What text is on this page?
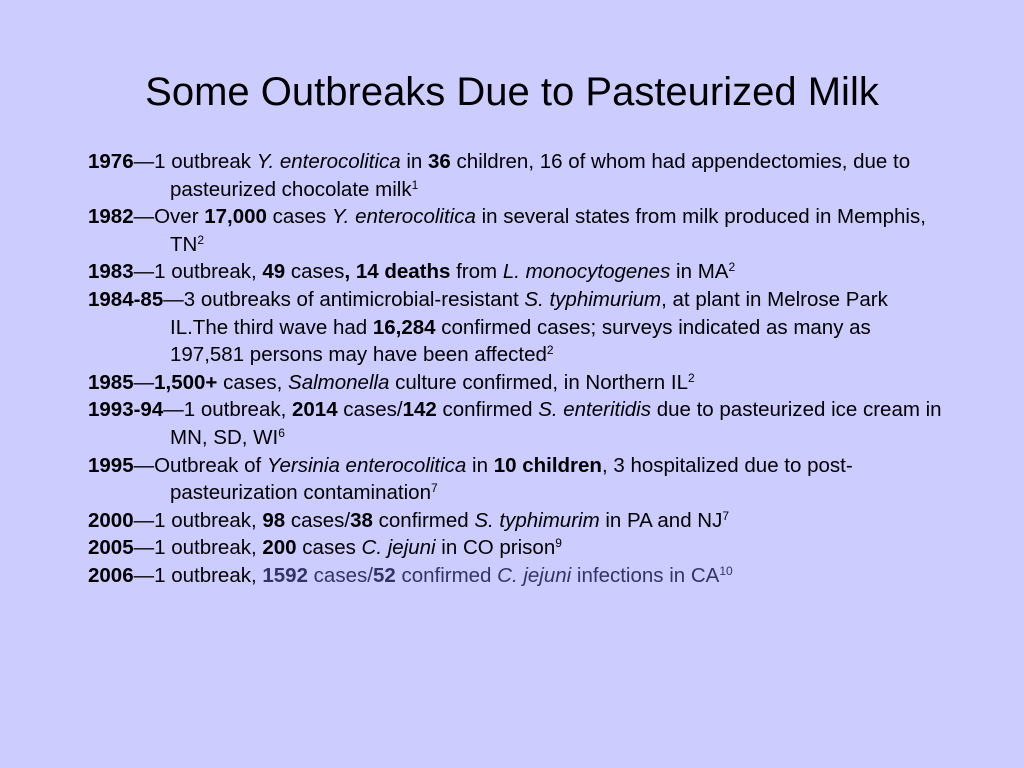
Some Outbreaks Due to Pasteurized Milk
1976—1 outbreak Y. enterocolitica in 36 children, 16 of whom had appendectomies, due to pasteurized chocolate milk$^1$
1982—Over 17,000 cases Y. enterocolitica in several states from milk produced in Memphis, $TN^2$
1983—1 outbreak, 49 cases, 14 deaths from L. monocytogenes in $MA^2$
1984-85—3 outbreaks of antimicrobial-resistant S. typhimurium, at plant in Melrose Park IL.The third wave had 16,284 confirmed cases; surveys indicated as many as 197,581 persons may have been affected$^2$
1985—1,500+ cases, Salmonella culture confirmed, in Northern $IL^2$
1993-94—1 outbreak, 2014 cases/142 confirmed S. enteritidis due to pasteurized ice cream in MN, SD, $WI^6$
1995—Outbreak of Yersinia enterocolitica in 10 children, 3 hospitalized due to post-pasteurization contamination$^7$
2000—1 outbreak, 98 cases/38 confirmed S. typhimurim in PA and $NJ^7$
2005—1 outbreak, 200 cases C. jejuni in CO prison$^9$
2006—1 outbreak, 1592 cases/52 confirmed C. jejuni infections in CA$^{10}$
